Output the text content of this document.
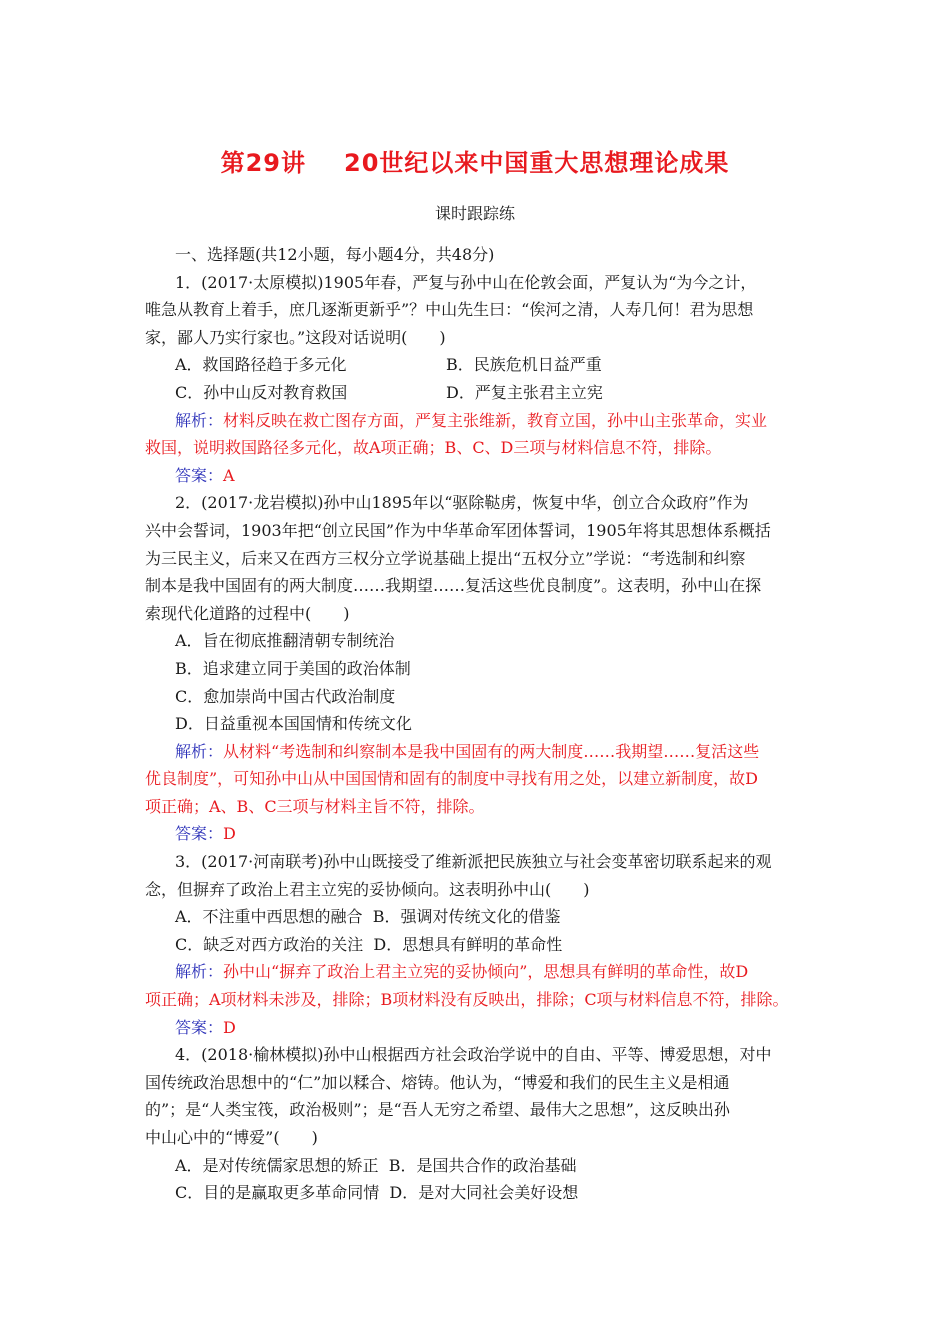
第29讲 20世纪以来中国重大思想理论成果
课时跟踪练
一、选择题(共12小题，每小题4分，共48分)
1．(2017·太原模拟)1905年春，严复与孙中山在伦敦会面，严复认为“为今之计，
唯急从教育上着手，庶几逐渐更新乎”？中山先生曰：“俟河之清，人寿几何！君为思想
家，鄙人乃实行家也。”这段对话说明(　　)
A．救国路径趋于多元化	B．民族危机日益严重
C．孙中山反对教育救国	D．严复主张君主立宪
解析：材料反映在救亡图存方面，严复主张维新，教育立国，孙中山主张革命，实业
救国，说明救国路径多元化，故A项正确；B、C、D三项与材料信息不符，排除。
答案：A
2．(2017·龙岩模拟)孙中山1895年以“驱除鞑虏，恢复中华，创立合众政府”作为
兴中会誓词，1903年把“创立民国”作为中华革命军团体誓词，1905年将其思想体系概括
为三民主义，后来又在西方三权分立学说基础上提出“五权分立”学说：“考选制和纠察
制本是我中国固有的两大制度……我期望……复活这些优良制度”。这表明，孙中山在探
索现代化道路的过程中(　　)
A．旨在彻底推翻清朝专制统治
B．追求建立同于美国的政治体制
C．愈加崇尚中国古代政治制度
D．日益重视本国国情和传统文化
解析：从材料“考选制和纠察制本是我中国固有的两大制度……我期望……复活这些
优良制度”，可知孙中山从中国国情和固有的制度中寻找有用之处，以建立新制度，故D
项正确；A、B、C三项与材料主旨不符，排除。
答案：D
3．(2017·河南联考)孙中山既接受了维新派把民族独立与社会变革密切联系起来的观
念，但摒弃了政治上君主立宪的妥协倾向。这表明孙中山(　　)
A．不注重中西思想的融合 B．强调对传统文化的借鉴
C．缺乏对西方政治的关注 D．思想具有鲜明的革命性
解析：孙中山“摒弃了政治上君主立宪的妥协倾向”，思想具有鲜明的革命性，故D
项正确；A项材料未涉及，排除；B项材料没有反映出，排除；C项与材料信息不符，排除。
答案：D
4．(2018·榆林模拟)孙中山根据西方社会政治学说中的自由、平等、博爱思想，对中
国传统政治思想中的“仁”加以糅合、熔铸。他认为，“博爱和我们的民生主义是相通
的”；是“人类宝筏，政治极则”；是“吾人无穷之希望、最伟大之思想”，这反映出孙
中山心中的“博爱”(　　)
A．是对传统儒家思想的矫正 B．是国共合作的政治基础
C．目的是赢取更多革命同情 D．是对大同社会美好设想
